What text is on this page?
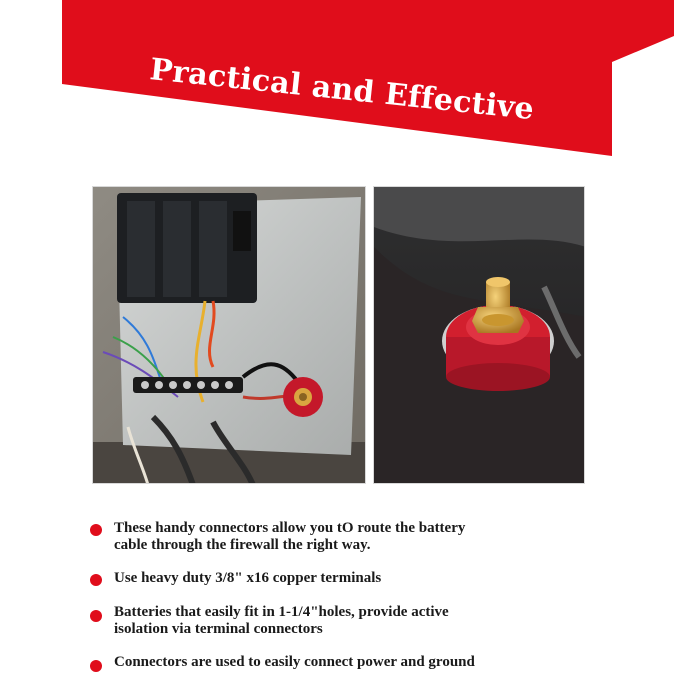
Practical and Effective
These handy connectors allow you tO route the battery
cable through the firewall the right way.
Use heavy duty 3/8" x16 copper terminals
Batteries that easily fit in 1-1/4"holes, provide active
isolation via terminal connectors
Connectors are used to easily connect power and ground
